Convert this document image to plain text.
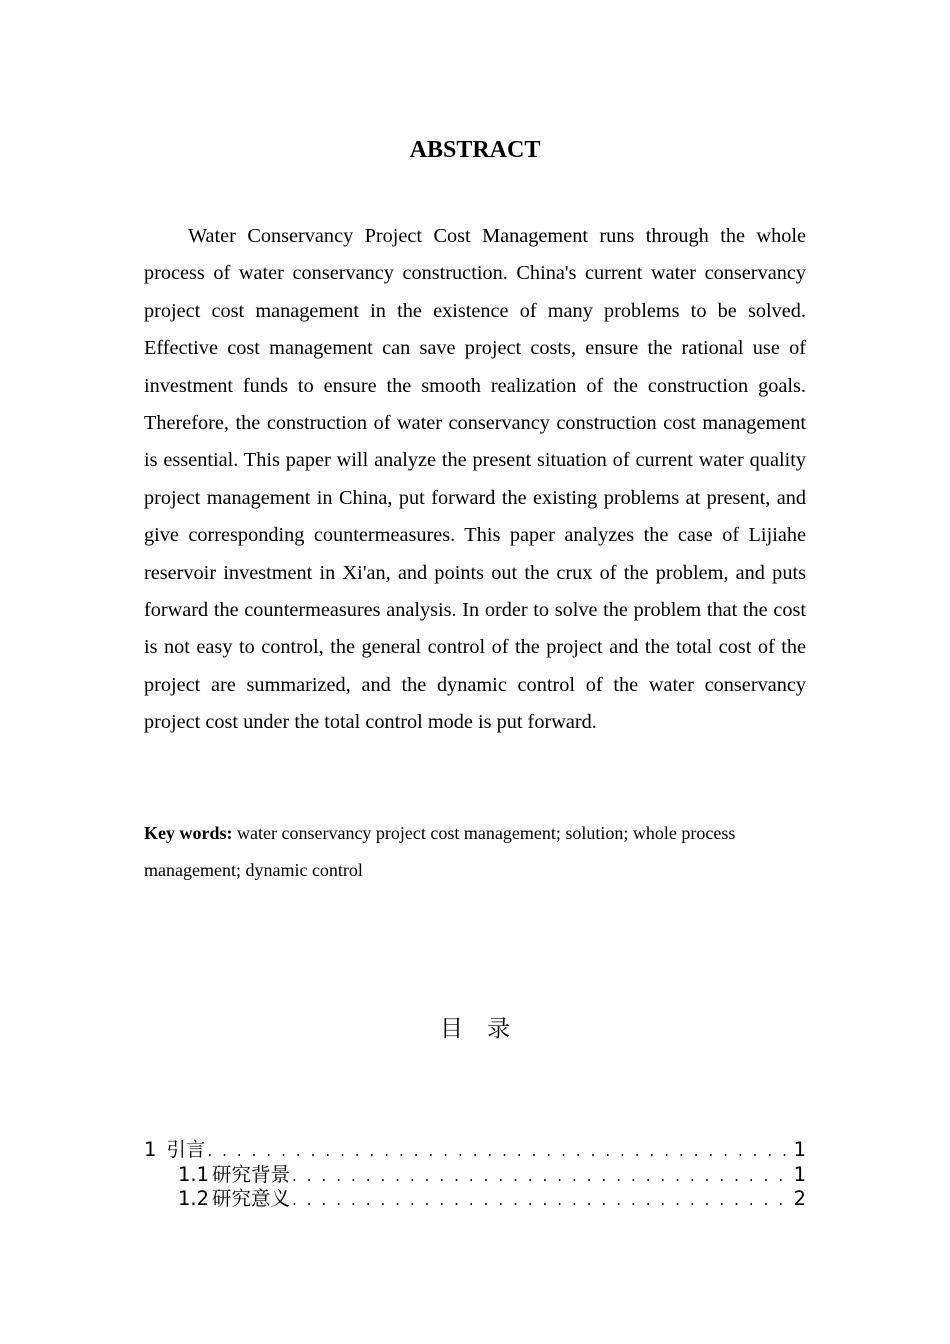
ABSTRACT

Water Conservancy Project Cost Management runs through the whole process of water conservancy construction. China's current water conservancy project cost management in the existence of many problems to be solved. Effective cost management can save project costs, ensure the rational use of investment funds to ensure the smooth realization of the construction goals. Therefore, the construction of water conservancy construction cost management is essential. This paper will analyze the present situation of current water quality project management in China, put forward the existing problems at present, and give corresponding countermeasures. This paper analyzes the case of Lijiahe reservoir investment in Xi'an, and points out the crux of the problem, and puts forward the countermeasures analysis. In order to solve the problem that the cost is not easy to control, the general control of the project and the total cost of the project are summarized, and the dynamic control of the water conservancy project cost under the total control mode is put forward.

Key words: water conservancy project cost management; solution; whole process management; dynamic control

目 录
1 引言 . . .	1
1.1 研究背景 . . .	1
1.2 研究意义 . . .	2
